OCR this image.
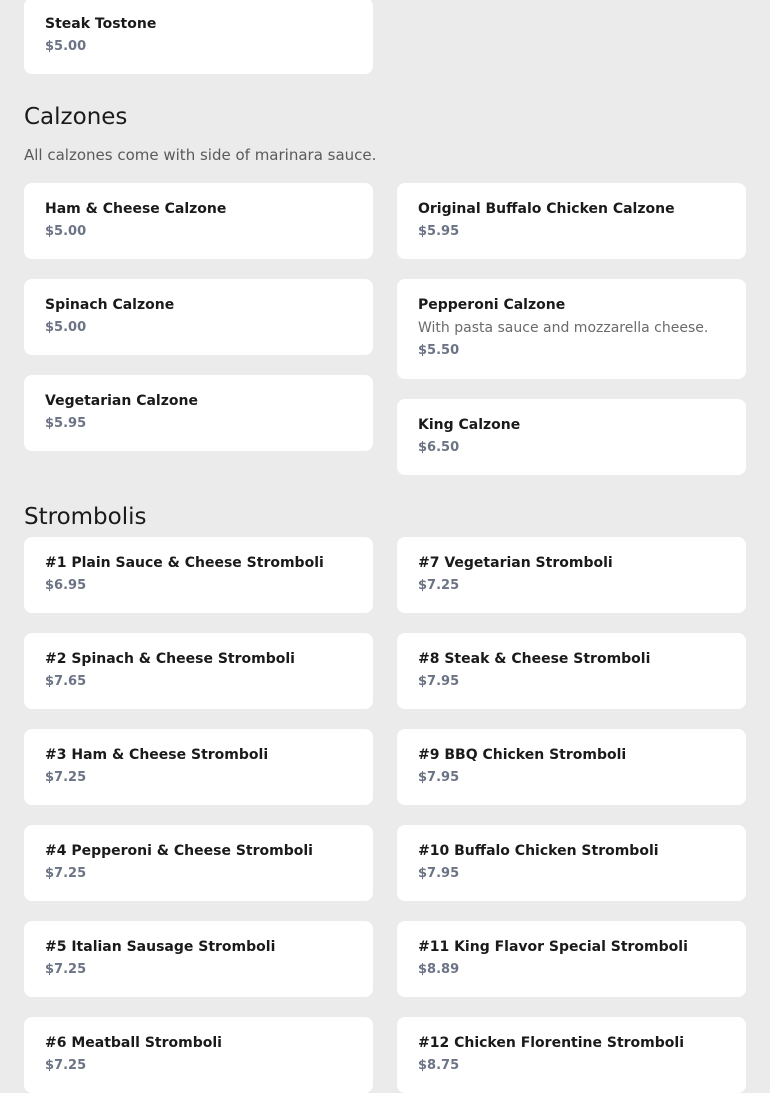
Steak Tostone
$5.00
Calzones

All calzones come with side of marinara sauce.

Ham & Cheese Calzone
$5.00
Spinach Calzone
$5.00
Vegetarian Calzone
$5.95
Original Buffalo Chicken Calzone
$5.95
Pepperoni Calzone
With pasta sauce and mozzarella cheese.
$5.50
King Calzone
$6.50
Strombolis
#1 Plain Sauce & Cheese Stromboli
$6.95
#2 Spinach & Cheese Stromboli
$7.65
#3 Ham & Cheese Stromboli
$7.25
#4 Pepperoni & Cheese Stromboli
$7.25
#5 Italian Sausage Stromboli
$7.25
#6 Meatball Stromboli
$7.25
#7 Vegetarian Stromboli
$7.25
#8 Steak & Cheese Stromboli
$7.95
#9 BBQ Chicken Stromboli
$7.95
#10 Buffalo Chicken Stromboli
$7.95
#11 King Flavor Special Stromboli
$8.89
#12 Chicken Florentine Stromboli
$8.75
